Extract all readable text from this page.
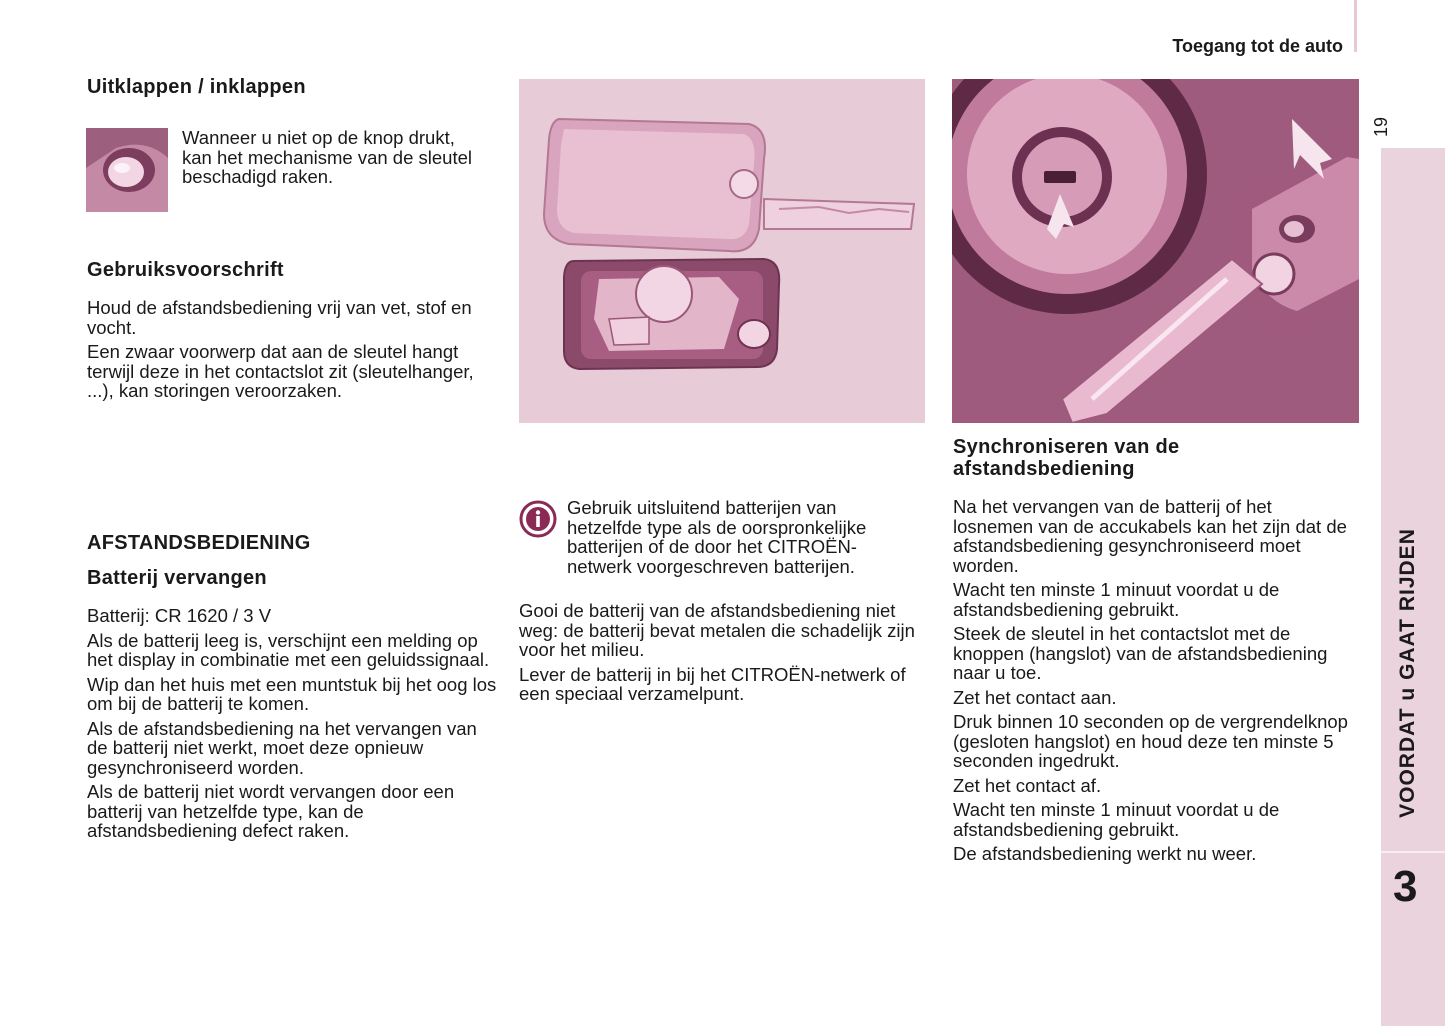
Toegang tot de auto
19
VOORDAT u GAAT RIJDEN
3
Uitklappen / inklappen
Wanneer u niet op de knop drukt, kan het mechanisme van de sleutel beschadigd raken.
Gebruiksvoorschrift

Houd de afstandsbediening vrij van vet, stof en vocht.

Een zwaar voorwerp dat aan de sleutel hangt terwijl deze in het contactslot zit (sleutelhanger, ...), kan storingen veroorzaken.

AFSTANDSBEDIENING
Batterij vervangen

Batterij: CR 1620 / 3 V

Als de batterij leeg is, verschijnt een melding op het display in combinatie met een geluidssignaal.

Wip dan het huis met een muntstuk bij het oog los om bij de batterij te komen.

Als de afstandsbediening na het vervangen van de batterij niet werkt, moet deze opnieuw gesynchroniseerd worden.

Als de batterij niet wordt vervangen door een batterij van hetzelfde type, kan de afstandsbediening defect raken.

Gebruik uitsluitend batterijen van hetzelfde type als de oorspronkelijke batterijen of de door het CITROËN-netwerk voorgeschreven batterijen.

Gooi de batterij van de afstandsbediening niet weg: de batterij bevat metalen die schadelijk zijn voor het milieu.

Lever de batterij in bij het CITROËN-netwerk of een speciaal verzamelpunt.

Synchroniseren van de afstandsbediening

Na het vervangen van de batterij of het losnemen van de accukabels kan het zijn dat de afstandsbediening gesynchroniseerd moet worden.

Wacht ten minste 1 minuut voordat u de afstandsbediening gebruikt.

Steek de sleutel in het contactslot met de knoppen (hangslot) van de afstandsbediening naar u toe.

Zet het contact aan.

Druk binnen 10 seconden op de vergrendelknop (gesloten hangslot) en houd deze ten minste 5 seconden ingedrukt.

Zet het contact af.

Wacht ten minste 1 minuut voordat u de afstandsbediening gebruikt.

De afstandsbediening werkt nu weer.
